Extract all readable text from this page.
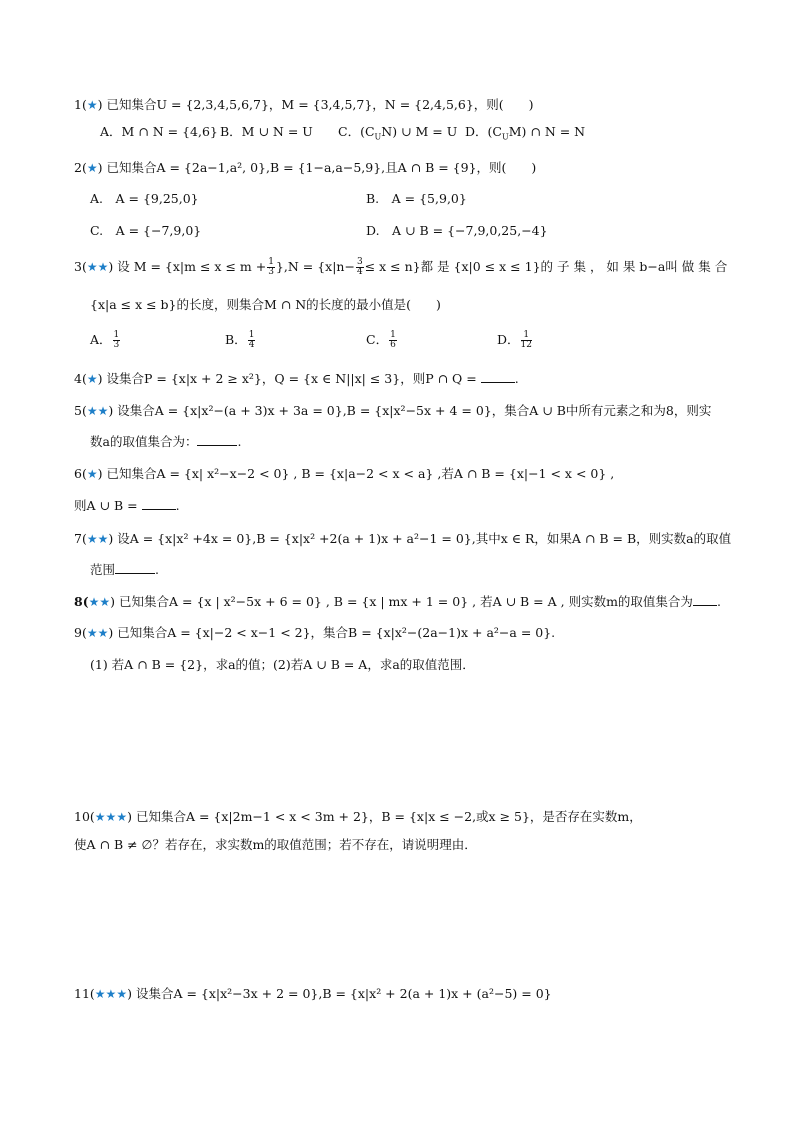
1(★) 已知集合U = {2,3,4,5,6,7}，M = {3,4,5,7}，N = {2,4,5,6}，则(　　)
A．M ∩ N = {4,6} B．M ∪ N = U C．$(C_UN)$ ∪ M = U D．$(C_UM)$ ∩ N = N
2(★) 已知集合A = {2a−1,a², 0},B = {1−a,a−5,9},且A ∩ B = {9}，则(　　)
A.　A = {9,25,0}	B.　A = {5,9,0}
C.　A = {−7,9,0}	D.　A ∪ B = {−7,9,0,25,−4}
3(★★) 设 $M = \{x|m \le x \le m + \frac{1}{3} \},N = \{x|n- \frac{3}{4} \le x \le n\}$都 是 {x|0 ≤ x ≤ 1}的 子 集 ， 如 果 b−a叫 做 集 合
{x|a ≤ x ≤ b}的长度，则集合M ∩ N的长度的最小值是(　　)
A． $\frac{1}{3}$	B． $\frac{1}{4}$	C． $\frac{1}{6}$	D． $\frac{1}{12}$
4(★) 设集合P = {x|x + 2 ≥ x²}，Q = {x ∈ N||x| ≤ 3}，则P ∩ Q =	.
5(★★) 设集合A = {x|x²−(a + 3)x + 3a = 0},B = {x|x²−5x + 4 = 0}，集合A ∪ B中所有元素之和为8，则实
数a的取值集合为：	.
6(★) 已知集合A = {x| x²−x−2 < 0} , B = {x|a−2 < x < a} ,若A ∩ B = {x|−1 < x < 0} ,
则A ∪ B =	.
7(★★) 设A = {x|x² +4x = 0},B = {x|x² +2(a + 1)x + a²−1 = 0},其中x ∈ R，如果A ∩ B = B，则实数a的取值
范围	.
8(★★) 已知集合A = {x | x²−5x + 6 = 0} , B = {x | mx + 1 = 0} , 若A ∪ B = A , 则实数m的取值集合为 .
9(★★) 已知集合A = {x|−2 < x−1 < 2}，集合B = {x|x²−(2a−1)x + a²−a = 0}.
(1) 若A ∩ B = {2}，求a的值；(2)若A ∪ B = A，求a的取值范围．
10(★★★) 已知集合A = {x|2m−1 < x < 3m + 2}，B = {x|x ≤ −2,或x ≥ 5}，是否存在实数m，
使A ∩ B ≠ ∅？若存在，求实数m的取值范围；若不存在，请说明理由．
11(★★★) 设集合A = {x|x²−3x + 2 = 0},B = {x|x² + 2(a + 1)x + (a²−5) = 0}
